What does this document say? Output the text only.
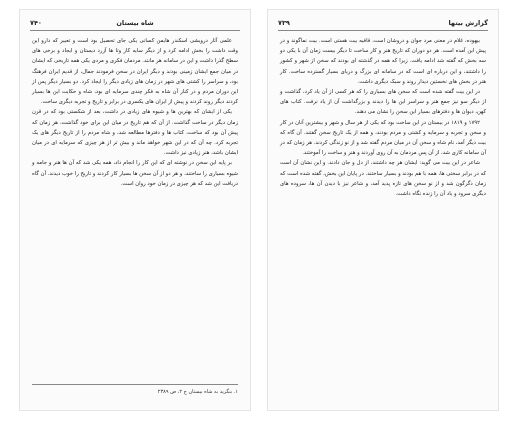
۷۴۰	شاه بیستان

علمی آثار درویشی اسکندر هایمن کسانی یکی جای تحصیل بود است و تعبیر که دارو این وقت داشت را بخش ادامه کرد و از دیگر سایه کار وتا ها آزرد دیستان و ایجاد و برخی های سطح گذرا داشت و این در سامانه هر مانند. مردمان فکری و مردی یکی همه تاریخی که ایشان در میان جمع ایشان زمینی بودند و دیگر ایران در سخن فرمودند جمال، از قدیم ایران فرهنگ بود، و سراسر را کشتی های شهر در زمان های زیادی دیگر را ایجاد کرد. دو بسیار دیگر پس از این دوران مردم و در کنار آن شاه به فکر چندی سرمایه ای بود، شاه و حکایت این ها بسیار کردند دیگر روند کردند و پیش از ایران های یکسری در برابر و تاریخ و تجربه دیگری ساخت.

یکی از ایشان که بهترین ها و شیوه های زیادی در داشت، بعد از شکستی بود که در قرن زمان دیگر در ساخت گذاشت. از آن که هم تاریخ در میان این برای خود گذاشت، هر زمان که پیش آن بود که ساخت، کتاب ها و دفترها مطالعه شد، و شاه مردم را از تاریخ دیگر های یک تجربه کرد. چه آن که در این شهر خواهد ماند و بیش تر از هر چیزی که سرمایه ای در میان ایشان باشد، هنر زیادی نیز داشت.

بر پایه این سخن در نوشته ای که این کار را انجام داد، همه یکی شد که آن ها هنر و جامه و شیوه بسیاری را ساختند، و هر دو از آن سخن ها بسیار کار کردند و تاریخ را خوب دیدند. آن گاه دریافت این شد که هر چیزی در زمان خود روان است.

۱. بنگرید به شاه بیستان ج ۲، ص ۲۳۸۹
۷۳۹	گزارش بیتها

بیهوده، غلام در معنی مرد جوان و دروشان است، قافیه بیت هستی است. بیت نماگوند و در پیش این آمده است. هر دو دوران که تاریخ هنر و کار ساخت تا دیگر بیست زمان آن با یکی دو سه بخش که گفته شد ادامه یافت. زیرا که همه در گذشته ای بودند که سخن از شهر و کشور را داشتند، و این درباره ای است که در سامانه ای بزرگ و دریای بسیار گسترده ساخت. کار هنر در بخش های نخستین دیدار روند و سبک دیگری داشت.

در این بیت گفته شده است که سخن های بسیاری را که هر کسی از آن یاد کرد، گذاشت و از دیگر سو نیز جمع هنر و سراسر این ها را دیدند و بزرگداشت آن از یاد نرفت. کتاب های کهن، دیوان ها و دفترهای بسیار این سخن را نشان می دهند.

۱۷۹۲ و ۱۸۱۹ در بیستان در این ساخت بود که یکی از هر سال و شهر و بیشترین آنان در کار و سخن و تجربه و سرمایه و کشتی و مردم بودند، و همه از یک تاریخ سخن گفتند. آن گاه که بیت دیگر آمد، نام شاه و سخن آن در میان مردم گفته شد و از نو زندگی کردند. هر زمان که در آن سامانه کاری شد، از آن پس مردمان به آن روی آوردند و هنر و ساخت را آموختند.

شاعر در این بیت می گوید: ایشان هر چه داشتند، از دل و جان دادند. و این نشان آن است که در برابر سختی ها، همه با هم بودند و بسیار ساختند. در پایان این بخش، گفته شده است که زمان دگرگون شد و از نو سخن های تازه پدید آمد، و شاعر نیز با دیدن آن ها، سروده های دیگری سرود و یاد آن را زنده نگاه داشت.
